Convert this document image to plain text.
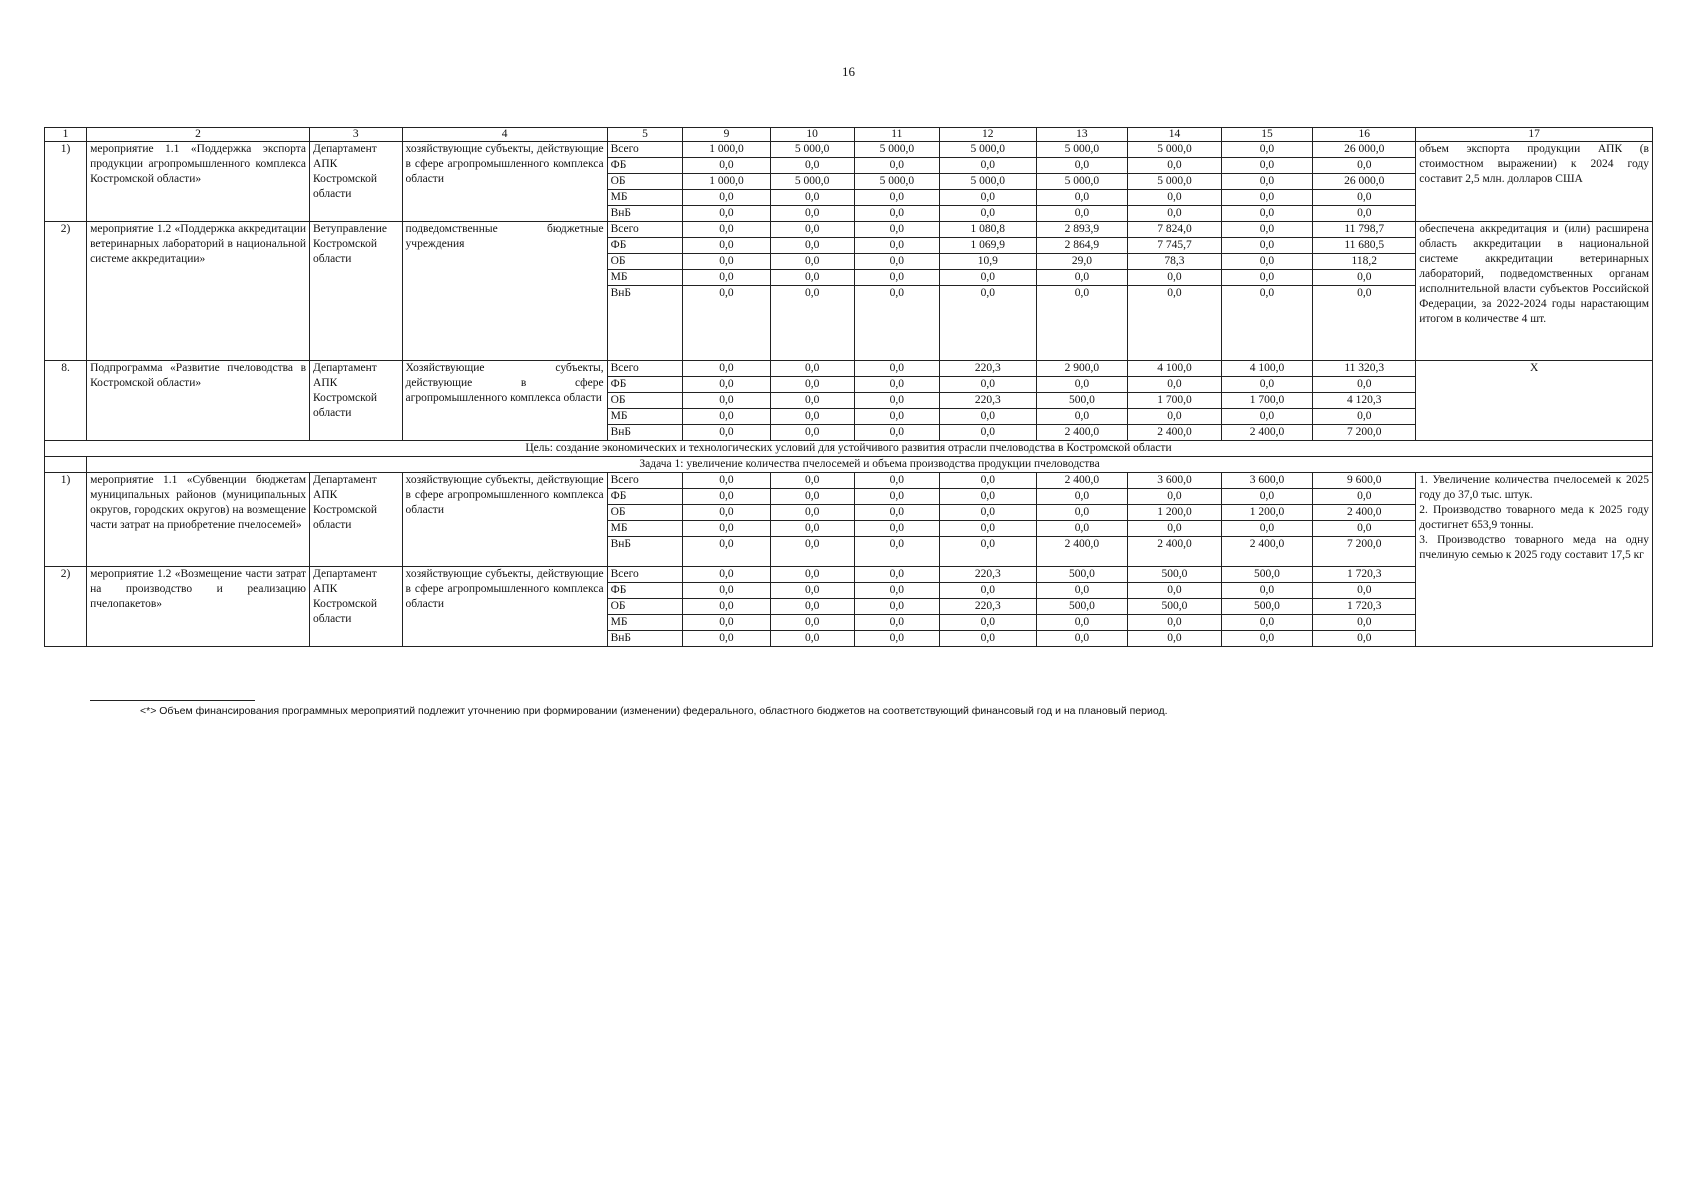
16
1	2	3	4	5	9	10	11	12	13	14	15	16	17
1)	мероприятие 1.1 «Поддержка экспорта продукции агропромышленного комплекса Костромской области»	Департамент АПК Костромской области	хозяйствующие субъекты, действующие в сфере агропромышленного комплекса области	Всего	1 000,0	5 000,0	5 000,0	5 000,0	5 000,0	5 000,0	0,0	26 000,0	объем экспорта продукции АПК (в стоимостном выражении) к 2024 году составит 2,5 млн. долларов США
				ФБ	0,0	0,0	0,0	0,0	0,0	0,0	0,0	0,0	
				ОБ	1 000,0	5 000,0	5 000,0	5 000,0	5 000,0	5 000,0	0,0	26 000,0	
				МБ	0,0	0,0	0,0	0,0	0,0	0,0	0,0	0,0	
				ВнБ	0,0	0,0	0,0	0,0	0,0	0,0	0,0	0,0	
2)	мероприятие 1.2 «Поддержка аккредитации ветеринарных лабораторий в национальной системе аккредитации»	Ветуправление Костромской области	подведомственные бюджетные учреждения	Всего	0,0	0,0	0,0	1 080,8	2 893,9	7 824,0	0,0	11 798,7	обеспечена аккредитация и (или) расширена область аккредитации в национальной системе аккредитации ветеринарных лабораторий, подведомственных органам исполнительной власти субъектов Российской Федерации, за 2022-2024 годы нарастающим итогом в количестве 4 шт.
				ФБ	0,0	0,0	0,0	1 069,9	2 864,9	7 745,7	0,0	11 680,5	
				ОБ	0,0	0,0	0,0	10,9	29,0	78,3	0,0	118,2	
				МБ	0,0	0,0	0,0	0,0	0,0	0,0	0,0	0,0	
				ВнБ	0,0	0,0	0,0	0,0	0,0	0,0	0,0	0,0	
8.	Подпрограмма «Развитие пчеловодства в Костромской области»	Департамент АПК Костромской области	Хозяйствующие субъекты, действующие в сфере агропромышленного комплекса области	Всего	0,0	0,0	0,0	220,3	2 900,0	4 100,0	4 100,0	11 320,3	Х
				ФБ	0,0	0,0	0,0	0,0	0,0	0,0	0,0	0,0	
				ОБ	0,0	0,0	0,0	220,3	500,0	1 700,0	1 700,0	4 120,3	
				МБ	0,0	0,0	0,0	0,0	0,0	0,0	0,0	0,0	
				ВнБ	0,0	0,0	0,0	0,0	2 400,0	2 400,0	2 400,0	7 200,0	
Цель: создание экономических и технологических условий для устойчивого развития отрасли пчеловодства в Костромской области													
	Задача 1: увеличение количества пчелосемей и объема производства продукции пчеловодства												
1)	мероприятие 1.1 «Субвенции бюджетам муниципальных районов (муниципальных округов, городских округов) на возмещение части затрат на приобретение пчелосемей»	Департамент АПК Костромской области	хозяйствующие субъекты, действующие в сфере агропромышленного комплекса области	Всего	0,0	0,0	0,0	0,0	2 400,0	3 600,0	3 600,0	9 600,0	1. Увеличение количества пчелосемей к 2025 году до 37,0 тыс. штук.
2. Производство товарного меда к 2025 году достигнет 653,9 тонны.
3. Производство товарного меда на одну пчелиную семью к 2025 году составит 17,5 кг
				ФБ	0,0	0,0	0,0	0,0	0,0	0,0	0,0	0,0	
				ОБ	0,0	0,0	0,0	0,0	0,0	1 200,0	1 200,0	2 400,0	
				МБ	0,0	0,0	0,0	0,0	0,0	0,0	0,0	0,0	
				ВнБ	0,0	0,0	0,0	0,0	2 400,0	2 400,0	2 400,0	7 200,0	
2)	мероприятие 1.2 «Возмещение части затрат на производство и реализацию пчелопакетов»	Департамент АПК Костромской области	хозяйствующие субъекты, действующие в сфере агропромышленного комплекса области	Всего	0,0	0,0	0,0	220,3	500,0	500,0	500,0	1 720,3	
				ФБ	0,0	0,0	0,0	0,0	0,0	0,0	0,0	0,0	
				ОБ	0,0	0,0	0,0	220,3	500,0	500,0	500,0	1 720,3	
				МБ	0,0	0,0	0,0	0,0	0,0	0,0	0,0	0,0	
				ВнБ	0,0	0,0	0,0	0,0	0,0	0,0	0,0	0,0	
<*> Объем финансирования программных мероприятий подлежит уточнению при формировании (изменении) федерального, областного бюджетов на соответствующий финансовый год и на плановый период.
